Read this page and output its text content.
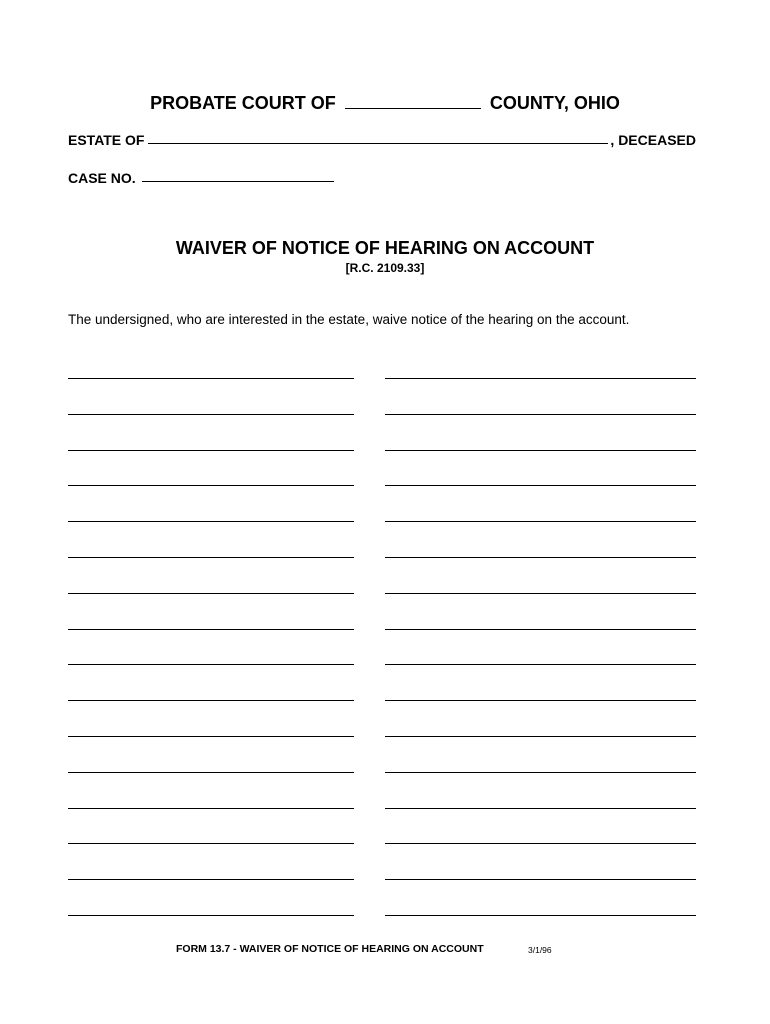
PROBATE COURT OF	COUNTY, OHIO
ESTATE OF	, DECEASED
CASE NO.
WAIVER OF NOTICE OF HEARING ON ACCOUNT
[R.C. 2109.33]
The undersigned, who are interested in the estate, waive notice of the hearing on the account.
FORM 13.7 - WAIVER OF NOTICE OF HEARING ON ACCOUNT	3/1/96
